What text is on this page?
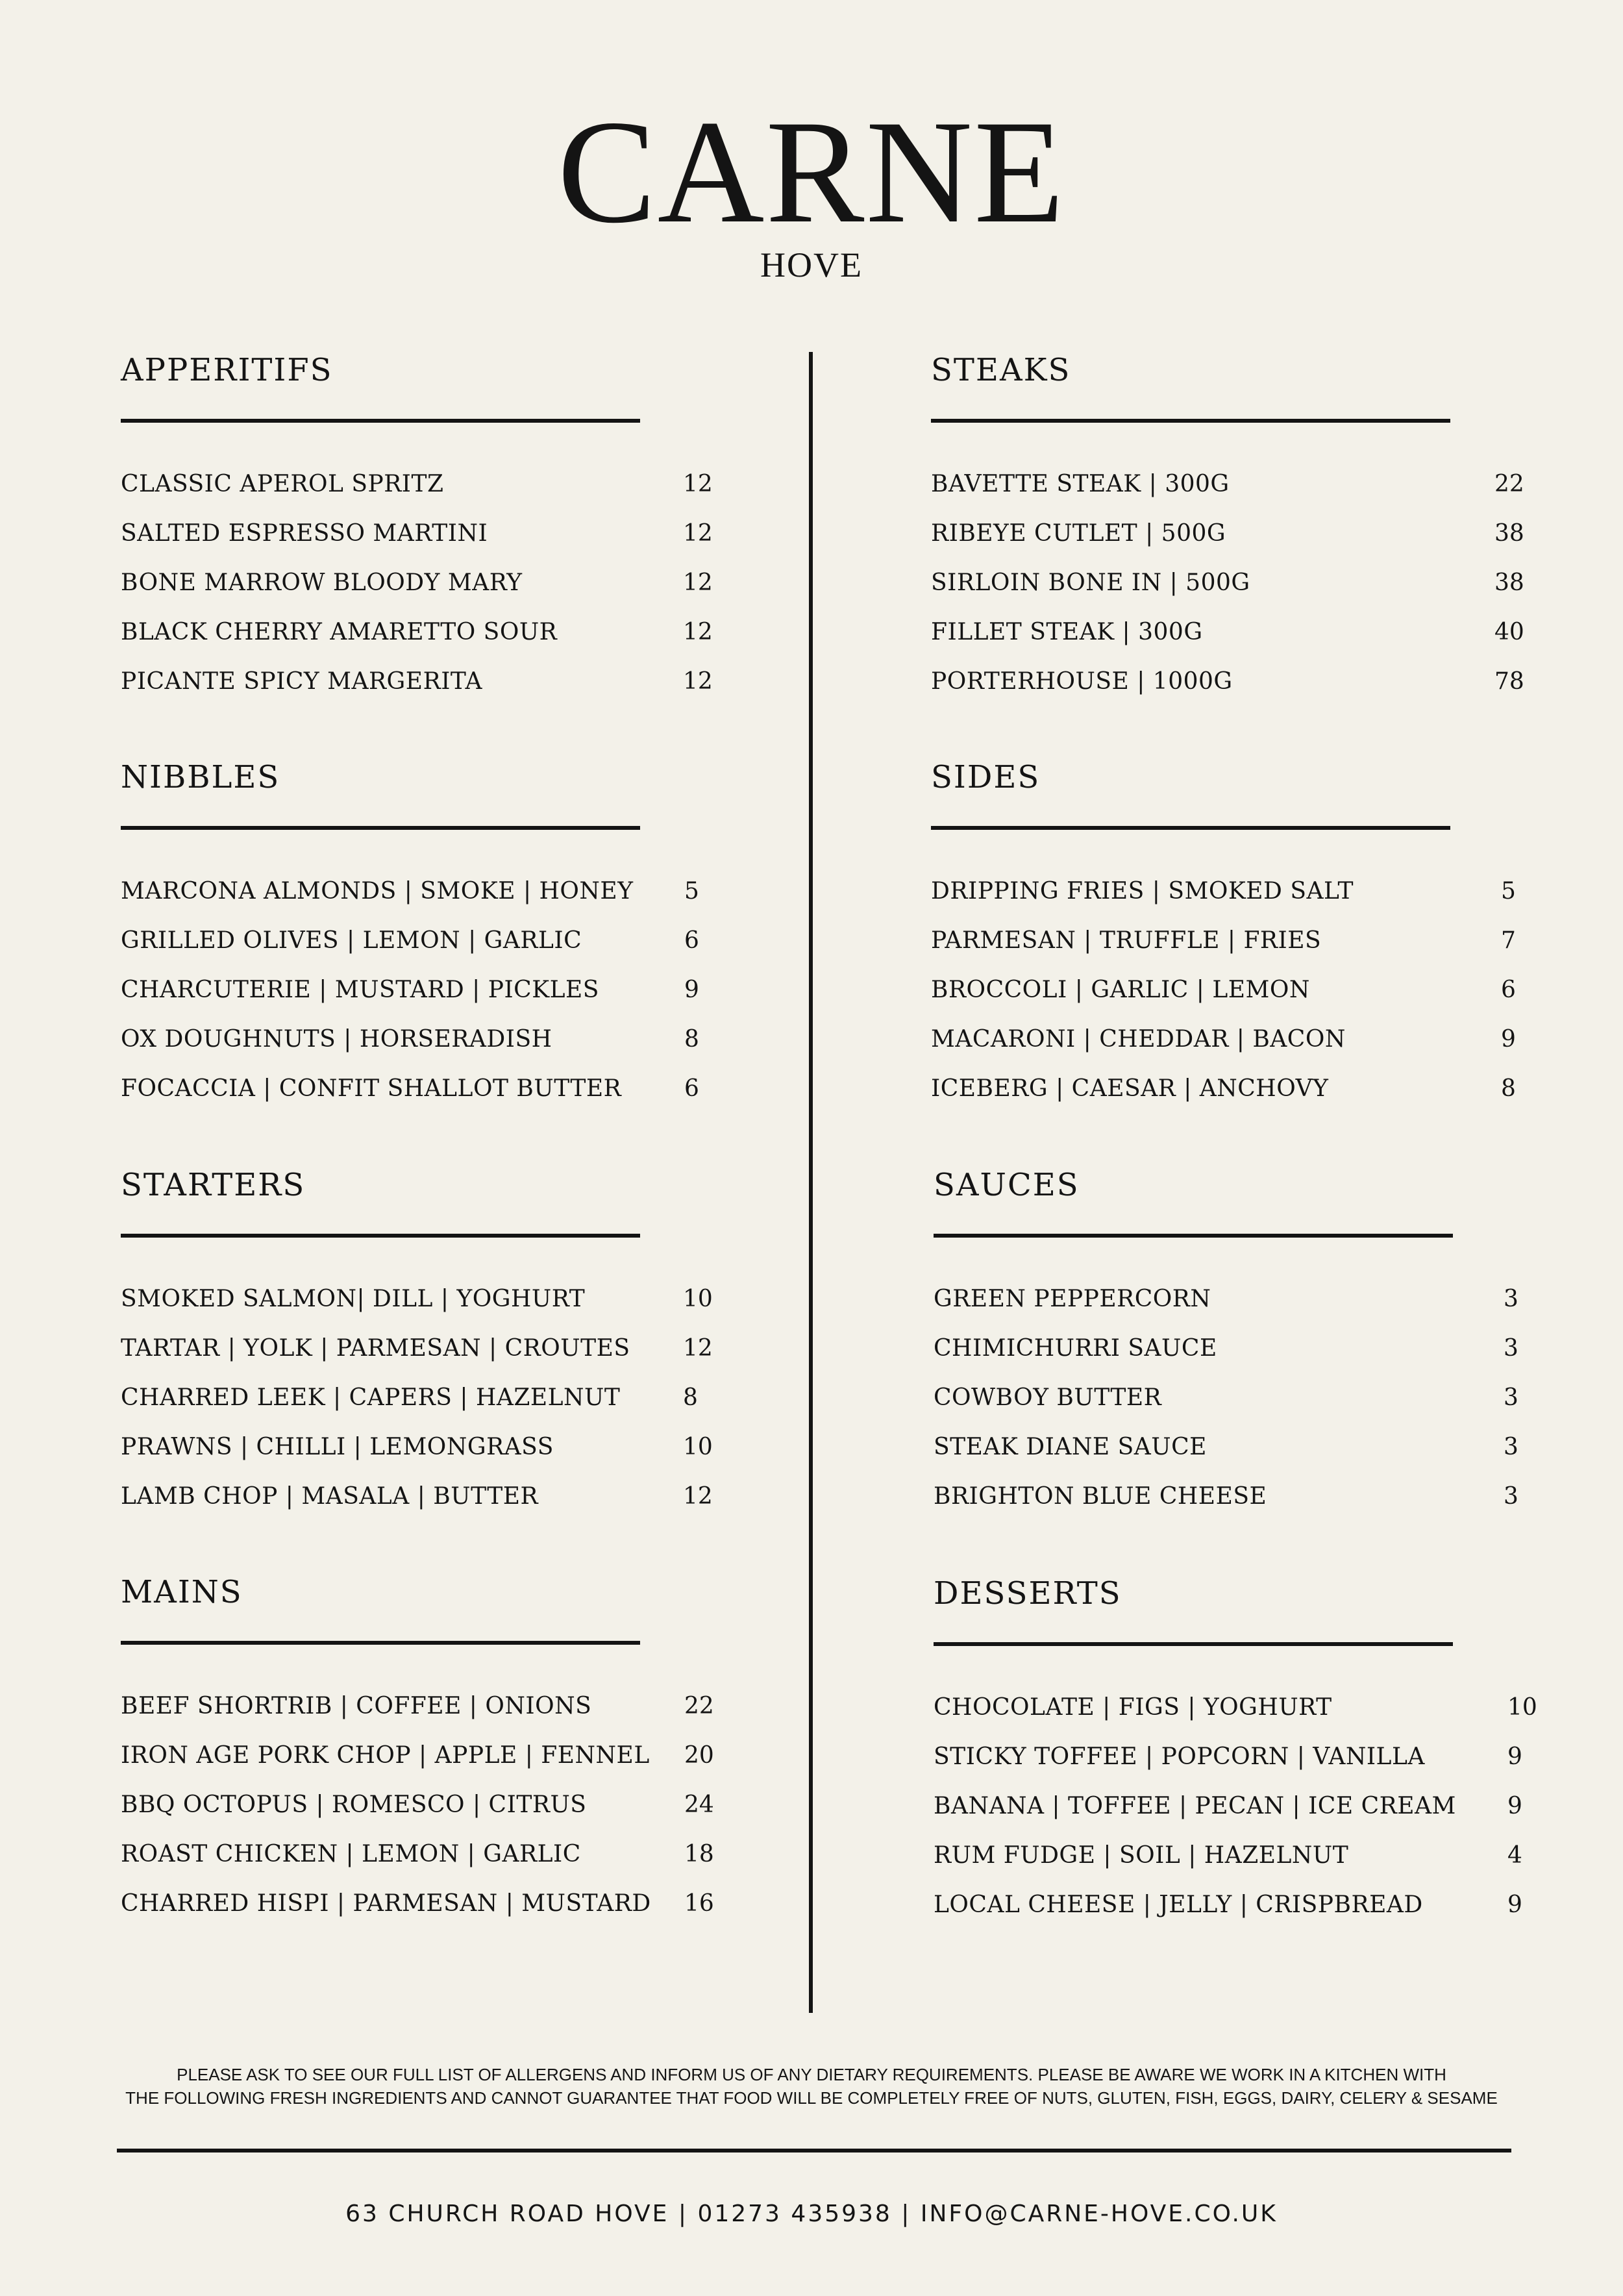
CARNE
HOVE
APPERITIFS
CLASSIC APEROL SPRITZ	12
SALTED ESPRESSO MARTINI	12
BONE MARROW BLOODY MARY	12
BLACK CHERRY AMARETTO SOUR	12
PICANTE SPICY MARGERITA	12
NIBBLES
MARCONA ALMONDS | SMOKE | HONEY 5
GRILLED OLIVES | LEMON | GARLIC	6
CHARCUTERIE | MUSTARD | PICKLES	9
OX DOUGHNUTS | HORSERADISH	8
FOCACCIA | CONFIT SHALLOT BUTTER	6
STARTERS
SMOKED SALMON| DILL | YOGHURT	10
TARTAR | YOLK | PARMESAN | CROUTES 12
CHARRED LEEK | CAPERS | HAZELNUT	8
PRAWNS | CHILLI | LEMONGRASS	10
LAMB CHOP | MASALA | BUTTER	12
MAINS
BEEF SHORTRIB | COFFEE | ONIONS	22
IRON AGE PORK CHOP | APPLE | FENNEL 20
BBQ OCTOPUS | ROMESCO | CITRUS	24
ROAST CHICKEN | LEMON | GARLIC	18
CHARRED HISPI | PARMESAN | MUSTARD 16
STEAKS
BAVETTE STEAK | 300G	22
RIBEYE CUTLET | 500G	38
SIRLOIN BONE IN | 500G	38
FILLET STEAK | 300G	40
PORTERHOUSE | 1000G	78
SIDES
DRIPPING FRIES | SMOKED SALT	5
PARMESAN | TRUFFLE | FRIES	7
BROCCOLI | GARLIC | LEMON	6
MACARONI | CHEDDAR | BACON	9
ICEBERG | CAESAR | ANCHOVY	8
SAUCES
GREEN PEPPERCORN	3
CHIMICHURRI SAUCE	3
COWBOY BUTTER	3
STEAK DIANE SAUCE	3
BRIGHTON BLUE CHEESE	3
DESSERTS
CHOCOLATE | FIGS | YOGHURT	10
STICKY TOFFEE | POPCORN | VANILLA	9
BANANA | TOFFEE | PECAN | ICE CREAM 9
RUM FUDGE | SOIL | HAZELNUT	4
LOCAL CHEESE | JELLY | CRISPBREAD	9
PLEASE ASK TO SEE OUR FULL LIST OF ALLERGENS AND INFORM US OF ANY DIETARY REQUIREMENTS. PLEASE BE AWARE WE WORK IN A KITCHEN WITH
THE FOLLOWING FRESH INGREDIENTS AND CANNOT GUARANTEE THAT FOOD WILL BE COMPLETELY FREE OF NUTS, GLUTEN, FISH, EGGS, DAIRY, CELERY & SESAME
63 CHURCH ROAD HOVE | 01273 435938 | INFO@CARNE-HOVE.CO.UK
